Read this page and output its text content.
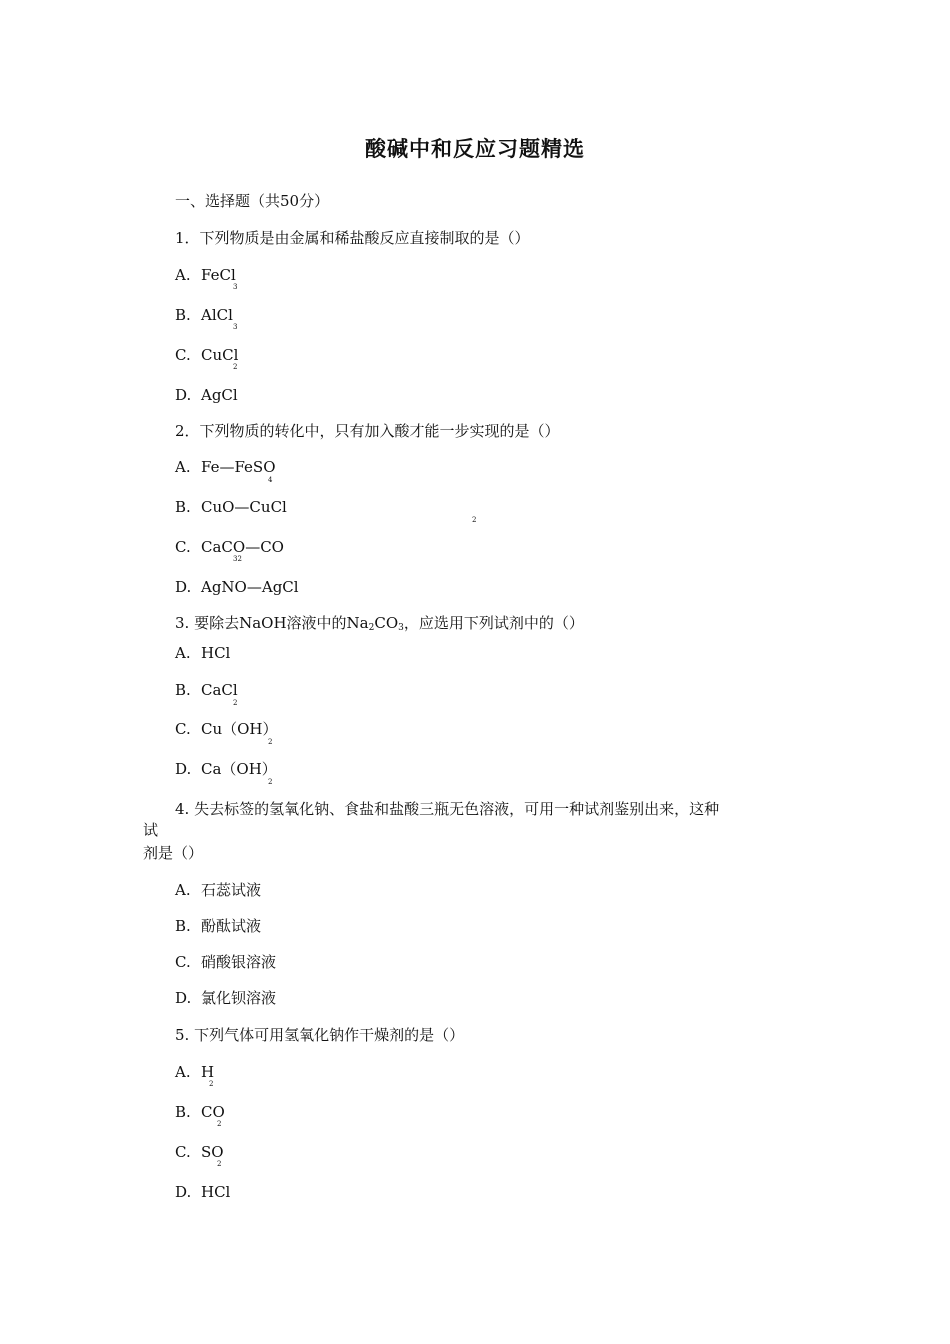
酸碱中和反应习题精选
一、选择题（共50分）
1．下列物质是由金属和稀盐酸反应直接制取的是（）
A. FeCl
3
B. AlCl
3
C. CuCl
2
D. AgCl
2．下列物质的转化中，只有加入酸才能一步实现的是（）
A. Fe—FeSO
4
B. CuO—CuCl
2
C. CaCO—CO
32
D. AgNO—AgCl
3. 要除去NaOH溶液中的Na2CO3，应选用下列试剂中的（）
A. HCl
B. CaCl
2
C. Cu（OH）
2
D. Ca（OH）
2
4. 失去标签的氢氧化钠、食盐和盐酸三瓶无色溶液，可用一种试剂鉴别出来，这种
试
剂是（）
A. 石蕊试液
B. 酚酞试液
C. 硝酸银溶液
D. 氯化钡溶液
5. 下列气体可用氢氧化钠作干燥剂的是（）
A. H
2
B. CO
2
C. SO
2
D. HCl
